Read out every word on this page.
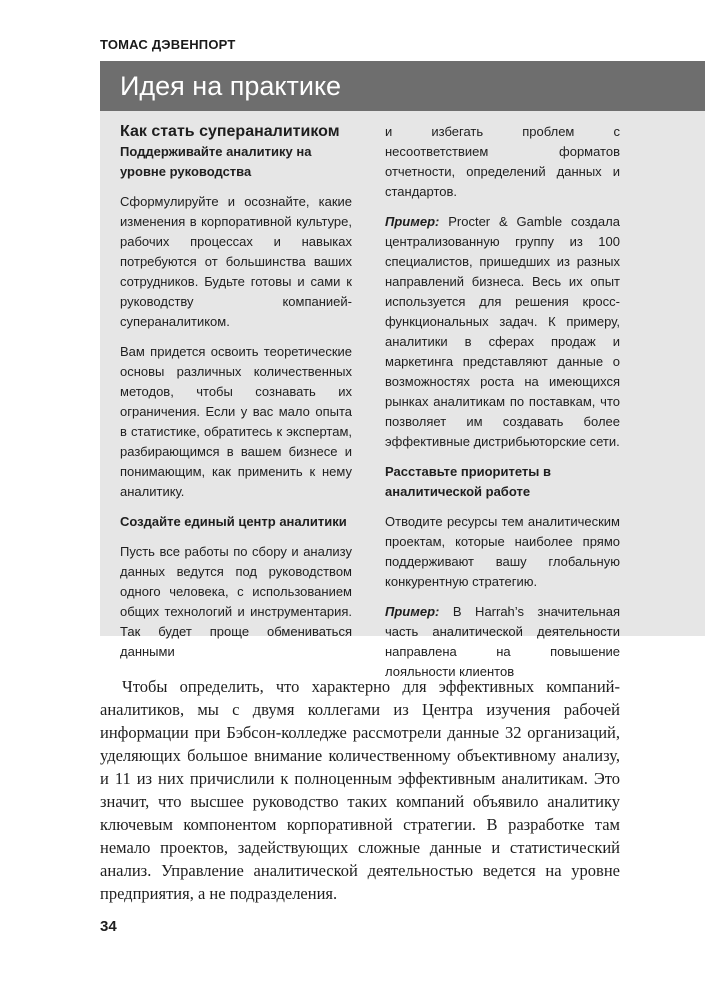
ТОМАС ДЭВЕНПОРТ
Идея на практике
Как стать супераналитиком
Поддерживайте аналитику на уровне руководства

Сформулируйте и осознайте, какие изменения в корпоративной культуре, рабочих процессах и навыках потребуются от большинства ваших сотрудников. Будьте готовы и сами к руководству компанией-супераналитиком.

Вам придется освоить теоретические основы различных количественных методов, чтобы сознавать их ограничения. Если у вас мало опыта в статистике, обратитесь к экспертам, разбирающимся в вашем бизнесе и понимающим, как применить к нему аналитику.

Создайте единый центр аналитики

Пусть все работы по сбору и анализу данных ведутся под руководством одного человека, с использованием общих технологий и инструментария. Так будет проще обмениваться данными

и избегать проблем с несоответствием форматов отчетности, определений данных и стандартов.

Пример: Procter & Gamble создала централизованную группу из 100 специалистов, пришедших из разных направлений бизнеса. Весь их опыт используется для решения кросс-функциональных задач. К примеру, аналитики в сферах продаж и маркетинга представляют данные о возможностях роста на имеющихся рынках аналитикам по поставкам, что позволяет им создавать более эффективные дистрибьюторские сети.

Расставьте приоритеты в аналитической работе

Отводите ресурсы тем аналитическим проектам, которые наиболее прямо поддерживают вашу глобальную конкурентную стратегию.

Пример: В Harrah’s значительная часть аналитической деятельности направлена на повышение лояльности клиентов

Чтобы определить, что характерно для эффективных компаний-аналитиков, мы с двумя коллегами из Центра изучения рабочей информации при Бэбсон-колледже рассмотрели данные 32 организаций, уделяющих большое внимание количественному объективному анализу, и 11 из них причислили к полноценным эффективным аналитикам. Это значит, что высшее руководство таких компаний объявило аналитику ключевым компонентом корпоративной стратегии. В разработке там немало проектов, задействующих сложные данные и статистический анализ. Управление аналитической деятельностью ведется на уровне предприятия, а не подразделения.

34
